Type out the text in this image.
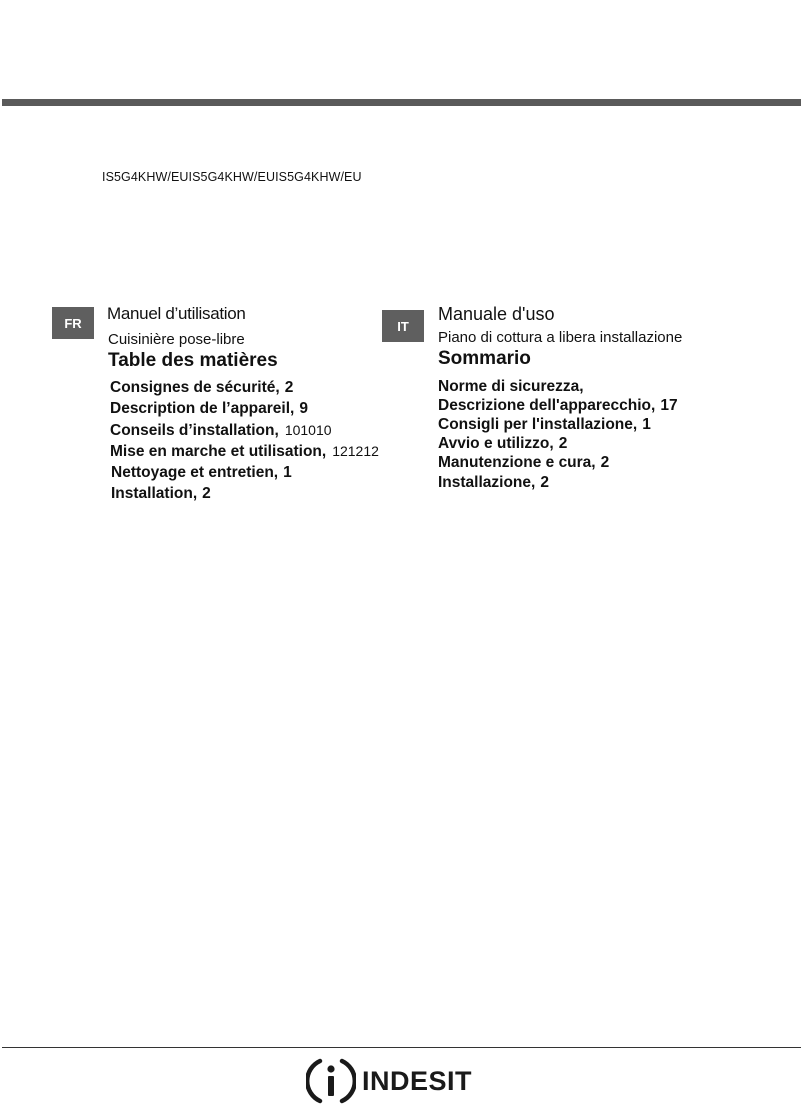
IS5G4KHW/EUIS5G4KHW/EUIS5G4KHW/EU
FR	Manuel d’utilisation
Cuisinière pose-libre
Table des matières
Consignes de sécurité, 2
Description de l’appareil, 9
Conseils d’installation, 101010
Mise en marche et utilisation, 121212
Nettoyage et entretien, 1
Installation, 2
IT
Manuale d'uso
Piano di cottura a libera installazione
Sommario
Norme di sicurezza,
Descrizione dell'apparecchio, 17
Consigli per l'installazione, 1
Avvio e utilizzo, 2
Manutenzione e cura, 2
Installazione, 2
INDESIT
